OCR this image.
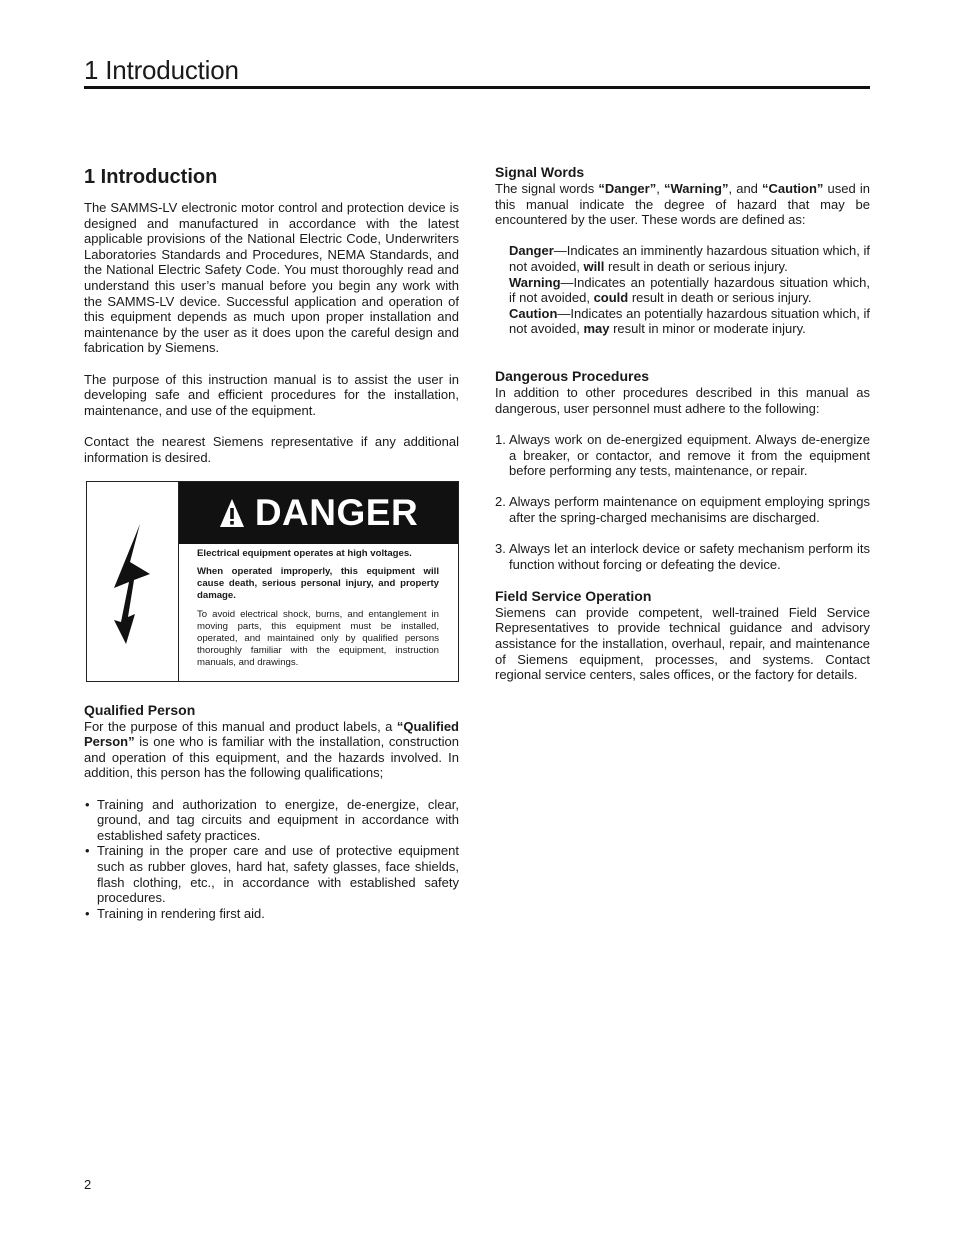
1 Introduction
1 Introduction

The SAMMS-LV electronic motor control and protection device is designed and manufactured in accordance with the latest applicable provisions of the National Electric Code, Underwriters Laboratories Standards and Procedures, NEMA Standards, and the National Electric Safety Code. You must thoroughly read and understand this user’s manual before you begin any work with the SAMMS-LV device. Successful application and operation of this equipment depends as much upon proper installation and maintenance by the user as it does upon the careful design and fabrication by Siemens.

The purpose of this instruction manual is to assist the user in developing safe and efficient procedures for the installation, maintenance, and use of the equipment.

Contact the nearest Siemens representative if any additional information is desired.

DANGER

Electrical equipment operates at high voltages.

When operated improperly, this equipment will cause death, serious personal injury, and property damage.

To avoid electrical shock, burns, and entanglement in moving parts, this equipment must be installed, operated, and maintained only by qualified persons thoroughly familiar with the equipment, instruction manuals, and drawings.

Qualified Person

For the purpose of this manual and product labels, a “Qualified Person” is one who is familiar with the installation, construction and operation of this equipment, and the hazards involved. In addition, this person has the following qualifications;

• Training and authorization to energize, de-energize, clear, ground, and tag circuits and equipment in accordance with established safety practices.
• Training in the proper care and use of protective equipment such as rubber gloves, hard hat, safety glasses, face shields, flash clothing, etc., in accordance with established safety procedures.
• Training in rendering first aid.
Signal Words

The signal words “Danger”, “Warning”, and “Caution” used in this manual indicate the degree of hazard that may be encountered by the user. These words are defined as:

Danger—Indicates an imminently hazardous situation which, if not avoided, will result in death or serious injury.

Warning—Indicates an potentially hazardous situation which, if not avoided, could result in death or serious injury.

Caution—Indicates an potentially hazardous situation which, if not avoided, may result in minor or moderate injury.

Dangerous Procedures

In addition to other procedures described in this manual as dangerous, user personnel must adhere to the following:

1. Always work on de-energized equipment. Always de-energize a breaker, or contactor, and remove it from the equipment before performing any tests, maintenance, or repair.
2. Always perform maintenance on equipment employing springs after the spring-charged mechanisims are discharged.
3. Always let an interlock device or safety mechanism perform its function without forcing or defeating the device.
Field Service Operation

Siemens can provide competent, well-trained Field Service Representatives to provide technical guidance and advisory assistance for the installation, overhaul, repair, and maintenance of Siemens equipment, processes, and systems. Contact regional service centers, sales offices, or the factory for details.

2
